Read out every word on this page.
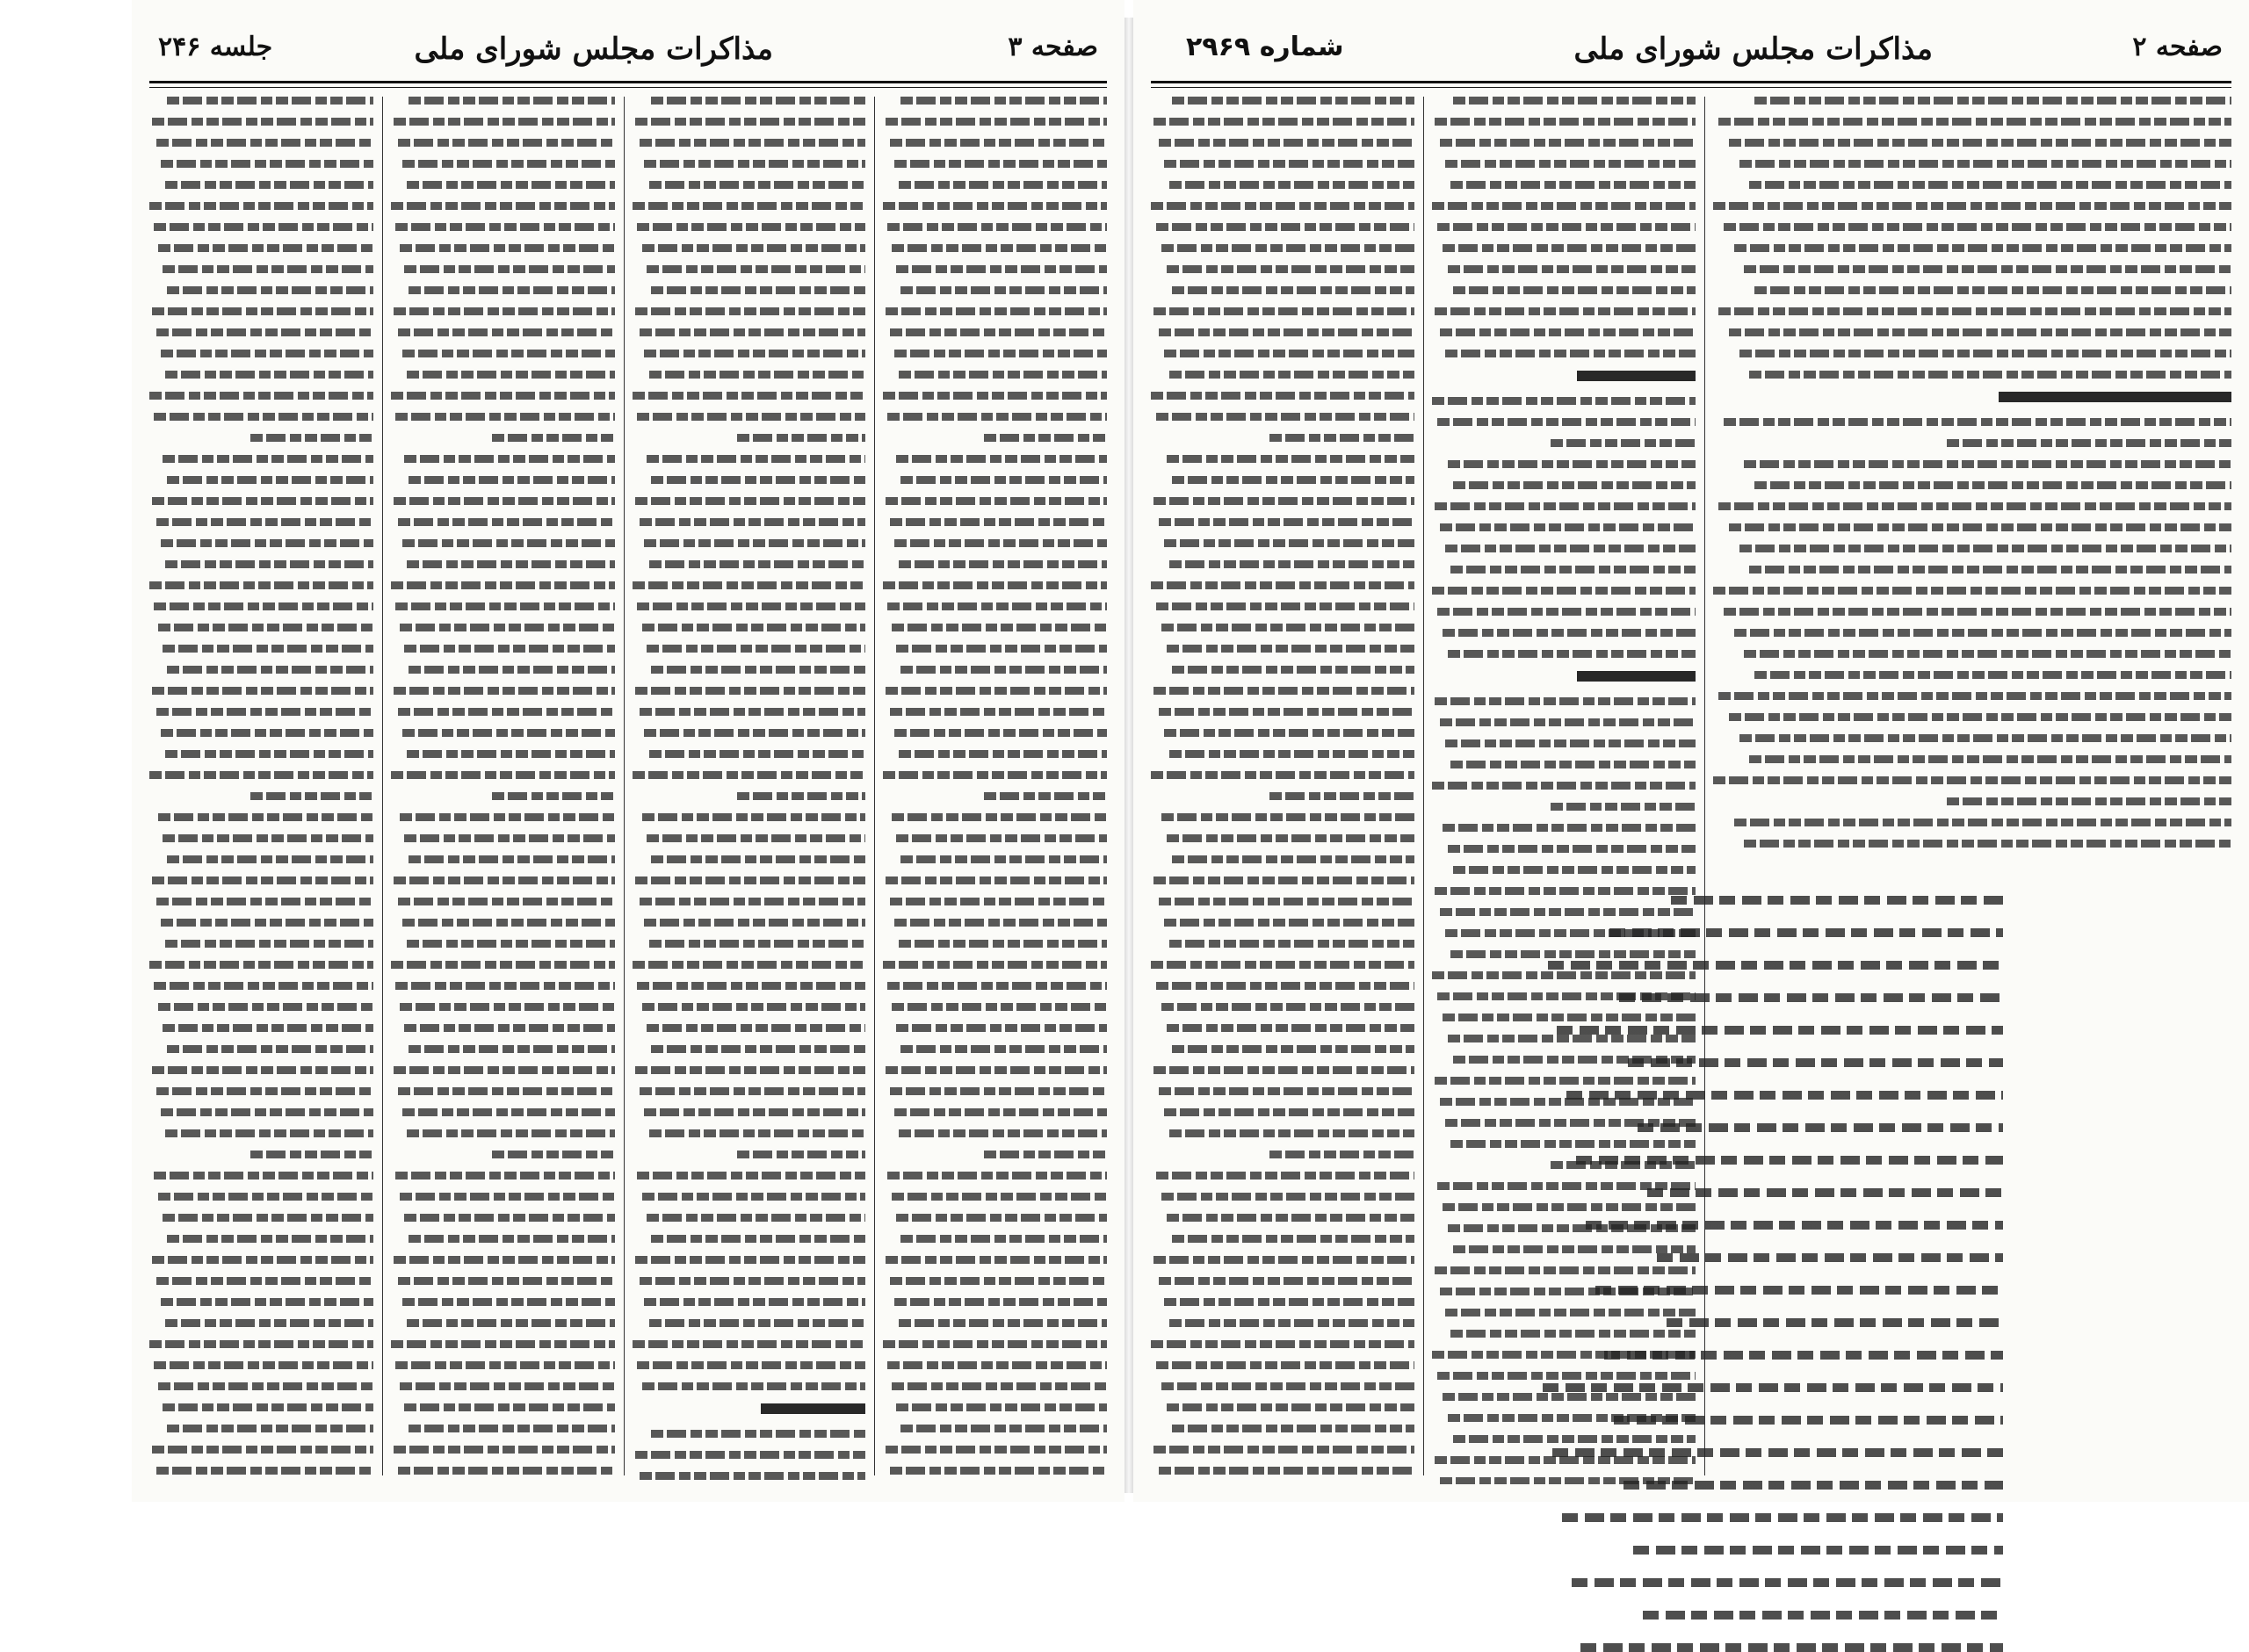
صفحه ۳
مذاکرات مجلس شورای ملی
جلسه ۲۴۶	صفحه ۲
مذاکرات مجلس شورای ملی
شماره ۲۹۶۹
